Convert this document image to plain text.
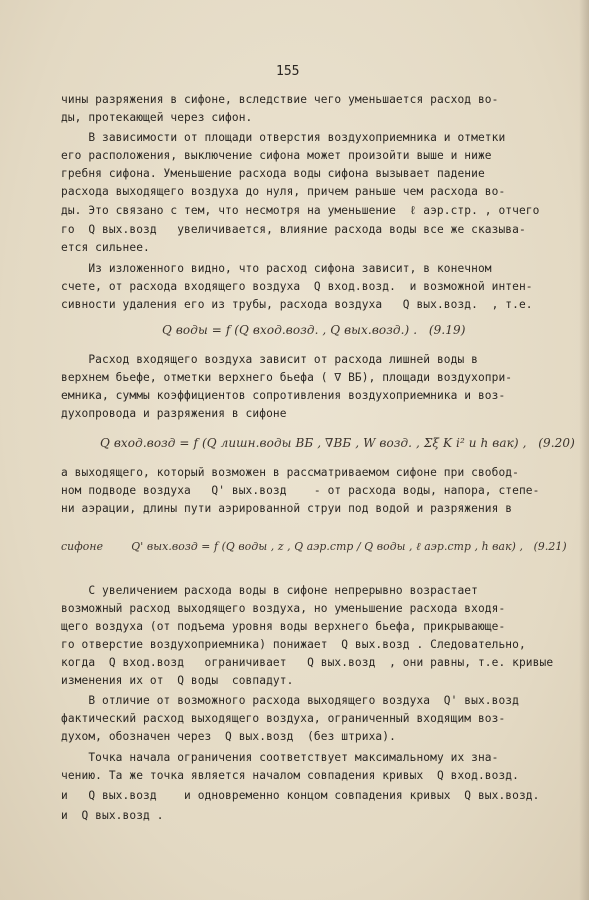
155
чины разряжения в сифоне, вследствие чего уменьшается расход во-
ды, протекающей через сифон.
В зависимости от площади отверстия воздухоприемника и отметки
его расположения, выключение сифона может произойти выше и ниже
гребня сифона. Уменьшение расхода воды сифона вызывает падение
расхода выходящего воздуха до нуля, причем раньше чем расхода во-
ды. Это связано с тем, что несмотря на уменьшение  ℓ аэр.стр. , отчего
го  Q вых.возд   увеличивается, влияние расхода воды все же сказыва-
ется сильнее.
Из изложенного видно, что расход сифона зависит, в конечном
счете, от расхода входящего воздуха  Q вход.возд.  и возможной интен-
сивности удаления его из трубы, расхода воздуха   Q вых.возд.  , т.е.
Q воды = f (Q вход.возд. , Q вых.возд.) .   (9.19)
Расход входящего воздуха зависит от расхода лишней воды в
верхнем бьефе, отметки верхнего бьефа ( ∇ ВБ), площади воздухопри-
емника, суммы коэффициентов сопротивления воздухоприемника и воз-
духопровода и разряжения в сифоне
Q вход.возд = f (Q лишн.воды ВБ , ∇ВБ , W возд. , Σξ K i² и h вак) ,   (9.20)
а выходящего, который возможен в рассматриваемом сифоне при свобод-
ном подводе воздуха   Q' вых.возд    - от расхода воды, напора, степе-
ни аэрации, длины пути аэрированной струи под водой и разряжения в
сифоне        Q' вых.возд = f (Q воды , z , Q аэр.стр / Q воды , ℓ аэр.стр , h вак) ,   (9.21)
С увеличением расхода воды в сифоне непрерывно возрастает
возможный расход выходящего воздуха, но уменьшение расхода входя-
щего воздуха (от подъема уровня воды верхнего бьефа, прикрывающе-
го отверстие воздухоприемника) понижает  Q вых.возд . Следовательно,
когда  Q вход.возд   ограничивает   Q вых.возд  , они равны, т.е. кривые
изменения их от  Q воды  совпадут.
В отличие от возможного расхода выходящего воздуха  Q' вых.возд
фактический расход выходящего воздуха, ограниченный входящим воз-
духом, обозначен через  Q вых.возд  (без штриха).
Точка начала ограничения соответствует максимальному их зна-
чению. Та же точка является началом совпадения кривых  Q вход.возд.
и   Q вых.возд    и одновременно концом совпадения кривых  Q вых.возд.
и  Q вых.возд .
